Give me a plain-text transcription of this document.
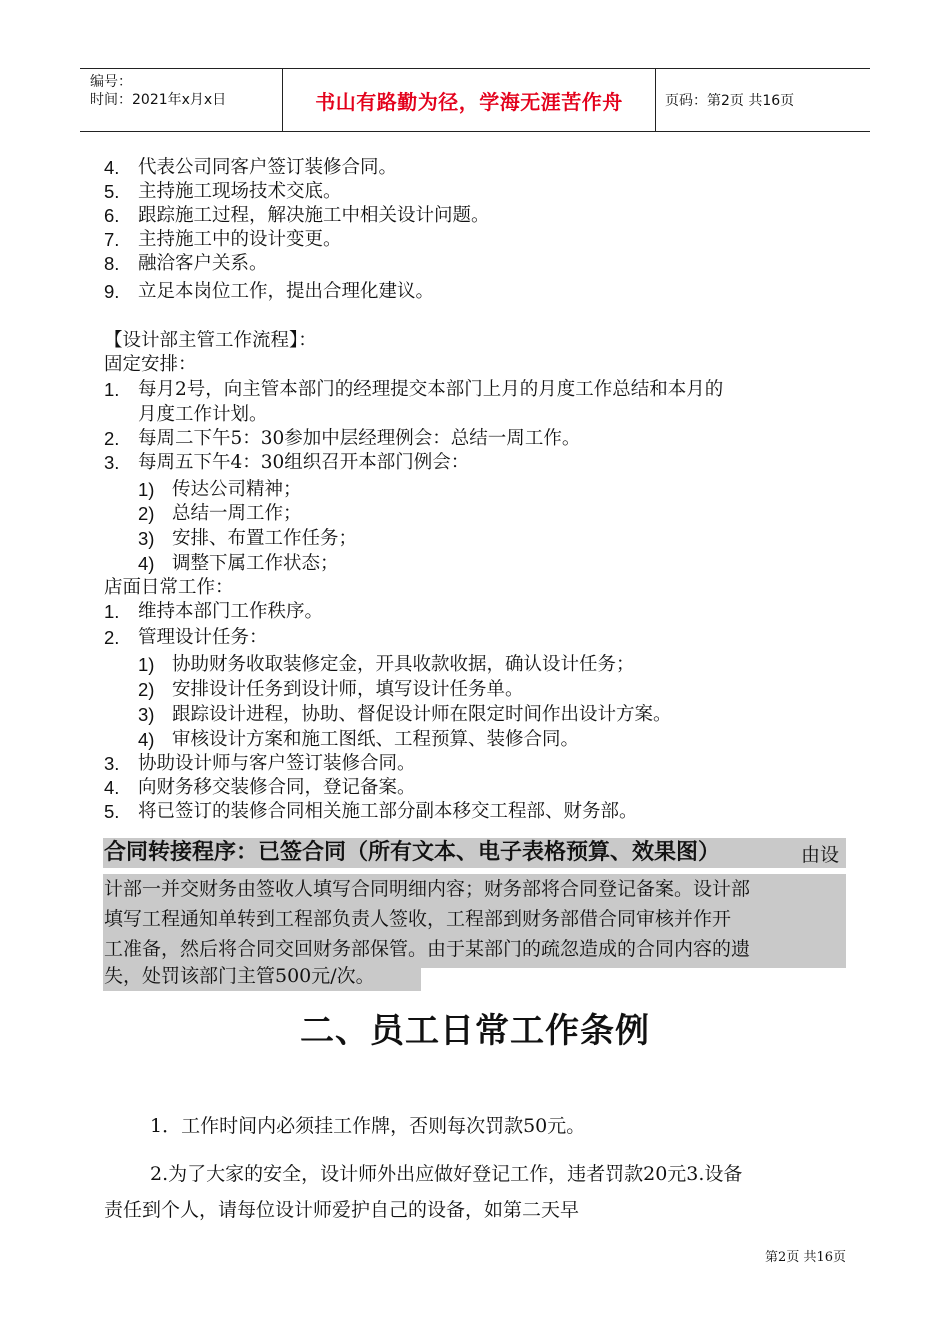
编号：
时间：2021年x月x日	书山有路勤为径，学海无涯苦作舟	页码：第2页 共16页
4. 代表公司同客户签订装修合同。
5. 主持施工现场技术交底。
6. 跟踪施工过程，解决施工中相关设计问题。
7. 主持施工中的设计变更。
8. 融洽客户关系。
9. 立足本岗位工作，提出合理化建议。
【设计部主管工作流程】：
固定安排：
1. 每月2号，向主管本部门的经理提交本部门上月的月度工作总结和本月的
月度工作计划。
2. 每周二下午5：30参加中层经理例会：总结一周工作。
3. 每周五下午4：30组织召开本部门例会：
1) 传达公司精神；
2) 总结一周工作；
3) 安排、布置工作任务；
4) 调整下属工作状态；
店面日常工作：
1. 维持本部门工作秩序。
2. 管理设计任务：
1) 协助财务收取装修定金，开具收款收据，确认设计任务；
2) 安排设计任务到设计师，填写设计任务单。
3) 跟踪设计进程，协助、督促设计师在限定时间作出设计方案。
4) 审核设计方案和施工图纸、工程预算、装修合同。
3. 协助设计师与客户签订装修合同。
4. 向财务移交装修合同，登记备案。
5. 将已签订的装修合同相关施工部分副本移交工程部、财务部。
合同转接程序：已签合同（所有文本、电子表格预算、效果图）	由设
计部一并交财务由签收人填写合同明细内容；财务部将合同登记备案。设计部
填写工程通知单转到工程部负责人签收，工程部到财务部借合同审核并作开
工准备，然后将合同交回财务部保管。由于某部门的疏忽造成的合同内容的遗
失，处罚该部门主管500元/次。
二、员工日常工作条例
1．工作时间内必须挂工作牌，否则每次罚款50元。
2.为了大家的安全，设计师外出应做好登记工作，违者罚款20元3.设备
责任到个人，请每位设计师爱护自己的设备，如第二天早
第2页 共16页
